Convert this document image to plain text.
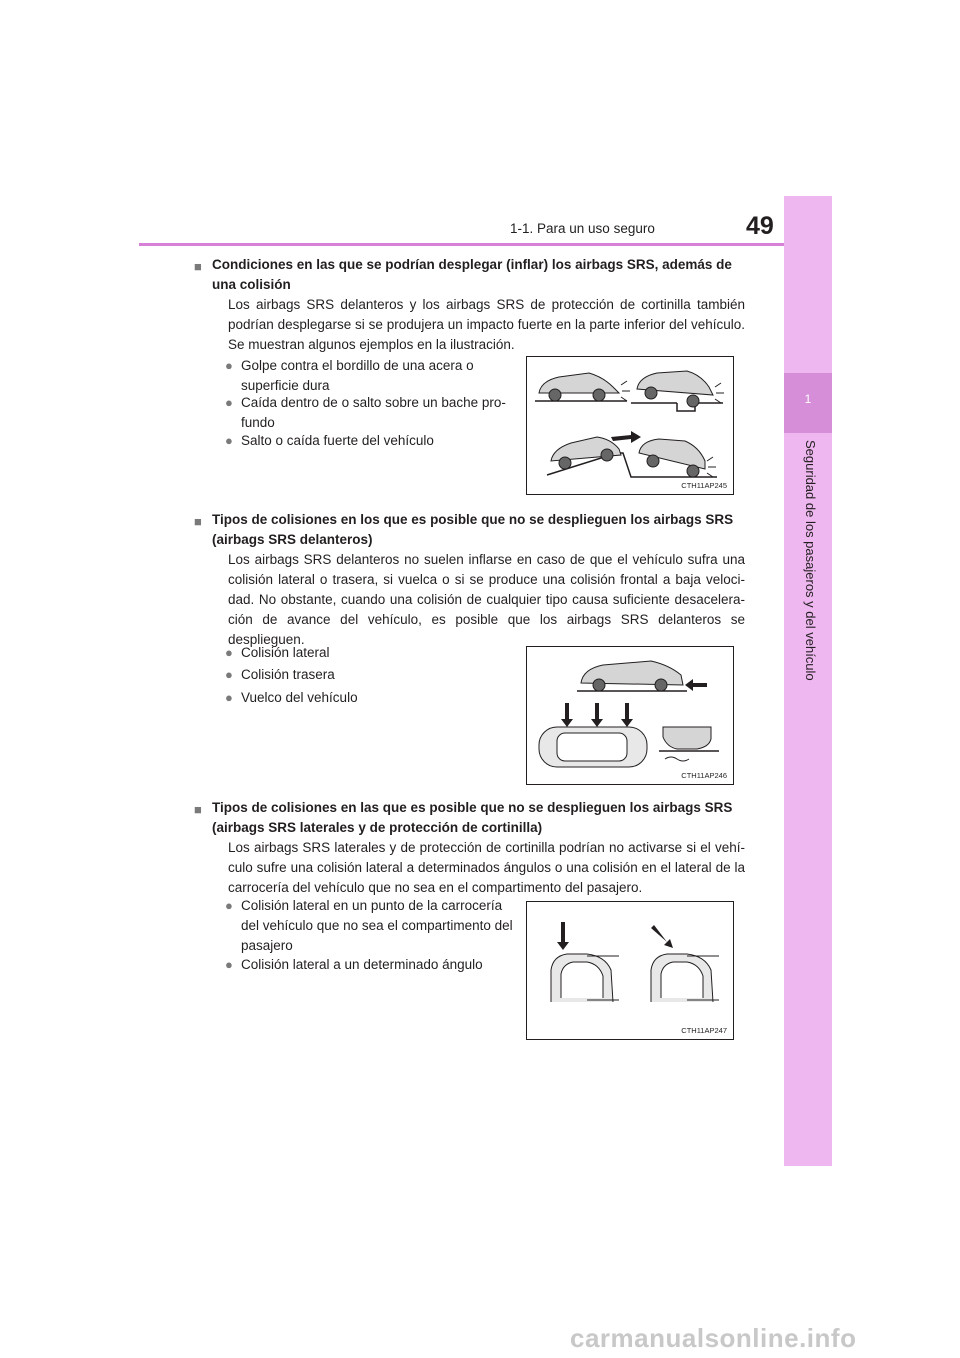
1-1. Para un uso seguro	49
1
Seguridad de los pasajeros y del vehículo
■ Condiciones en las que se podrían desplegar (inflar) los airbags SRS, además de una colisión
Los airbags SRS delanteros y los airbags SRS de protección de cortinilla también podrían desplegarse si se produjera un impacto fuerte en la parte inferior del vehículo. Se muestran algunos ejemplos en la ilustración.
● Golpe contra el bordillo de una acera o superficie dura
● Caída dentro de o salto sobre un bache pro-fundo
● Salto o caída fuerte del vehículo
CTH11AP245
■ Tipos de colisiones en los que es posible que no se desplieguen los airbags SRS (airbags SRS delanteros)
Los airbags SRS delanteros no suelen inflarse en caso de que el vehículo sufra una colisión lateral o trasera, si vuelca o si se produce una colisión frontal a baja veloci-dad. No obstante, cuando una colisión de cualquier tipo causa suficiente desacelera-ción de avance del vehículo, es posible que los airbags SRS delanteros se desplieguen.
● Colisión lateral
● Colisión trasera
● Vuelco del vehículo
CTH11AP246
■ Tipos de colisiones en las que es posible que no se desplieguen los airbags SRS (airbags SRS laterales y de protección de cortinilla)
Los airbags SRS laterales y de protección de cortinilla podrían no activarse si el vehí-culo sufre una colisión lateral a determinados ángulos o una colisión en el lateral de la carrocería del vehículo que no sea en el compartimento del pasajero.
● Colisión lateral en un punto de la carrocería del vehículo que no sea el compartimento del pasajero
● Colisión lateral a un determinado ángulo
CTH11AP247
carmanualsonline.info
